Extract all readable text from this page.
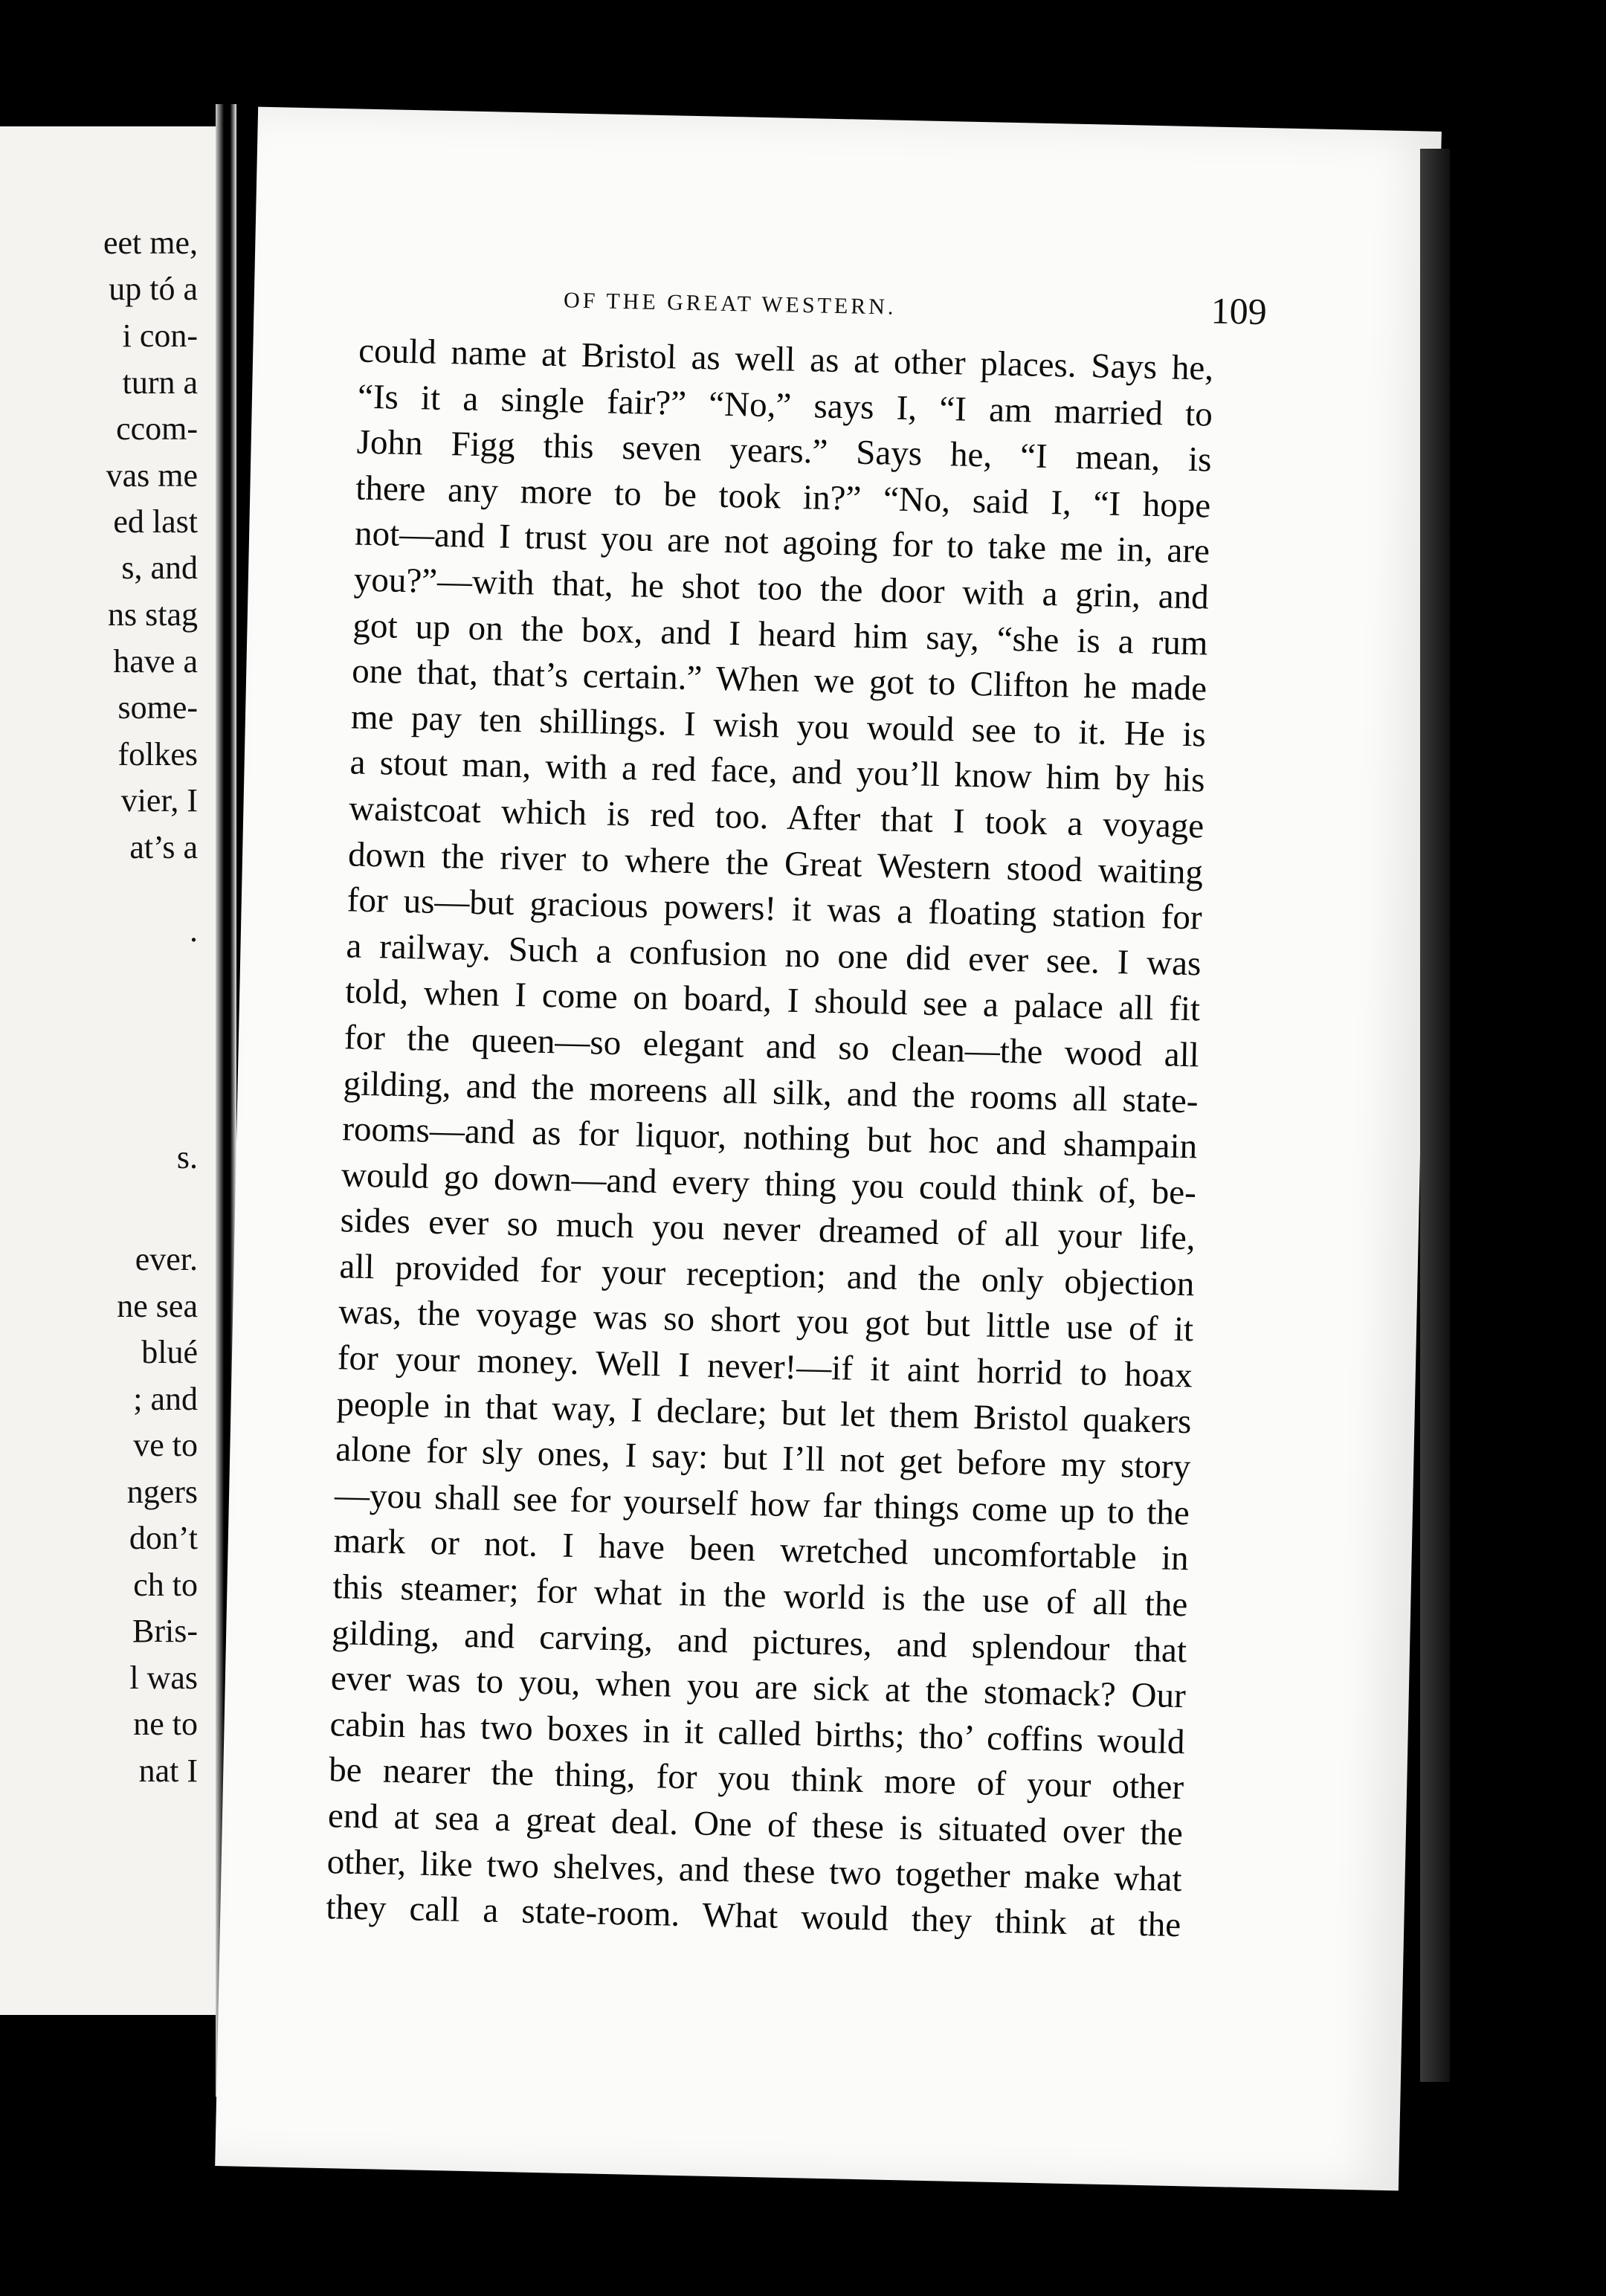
eet me,
up tó a
i con-
turn a
ccom-
vas me
ed last
s, and
ns stag
have a
some-
folkes
vier, I
at’s a
.
s.
ever.
ne sea
blué
; and
ve to
ngers
don’t
ch to
Bris-
l was
ne to
nat I
OF THE GREAT WESTERN.	109
could name at Bristol as well as at other places. Says he,
“Is it a single fair?” “No,” says I, “I am married to
John Figg this seven years.” Says he, “I mean, is
there any more to be took in?” “No, said I, “I hope
not—and I trust you are not agoing for to take me in, are
you?”—with that, he shot too the door with a grin, and
got up on the box, and I heard him say, “she is a rum
one that, that’s certain.” When we got to Clifton he made
me pay ten shillings. I wish you would see to it. He is
a stout man, with a red face, and you’ll know him by his
waistcoat which is red too. After that I took a voyage
down the river to where the Great Western stood waiting
for us—but gracious powers! it was a floating station for
a railway. Such a confusion no one did ever see. I was
told, when I come on board, I should see a palace all fit
for the queen—so elegant and so clean—the wood all
gilding, and the moreens all silk, and the rooms all state-
rooms—and as for liquor, nothing but hoc and shampain
would go down—and every thing you could think of, be-
sides ever so much you never dreamed of all your life,
all provided for your reception; and the only objection
was, the voyage was so short you got but little use of it
for your money. Well I never!—if it aint horrid to hoax
people in that way, I declare; but let them Bristol quakers
alone for sly ones, I say: but I’ll not get before my story
—you shall see for yourself how far things come up to the
mark or not. I have been wretched uncomfortable in
this steamer; for what in the world is the use of all the
gilding, and carving, and pictures, and splendour that
ever was to you, when you are sick at the stomack? Our
cabin has two boxes in it called births; tho’ coffins would
be nearer the thing, for you think more of your other
end at sea a great deal. One of these is situated over the
other, like two shelves, and these two together make what
they call a state-room. What would they think at the
